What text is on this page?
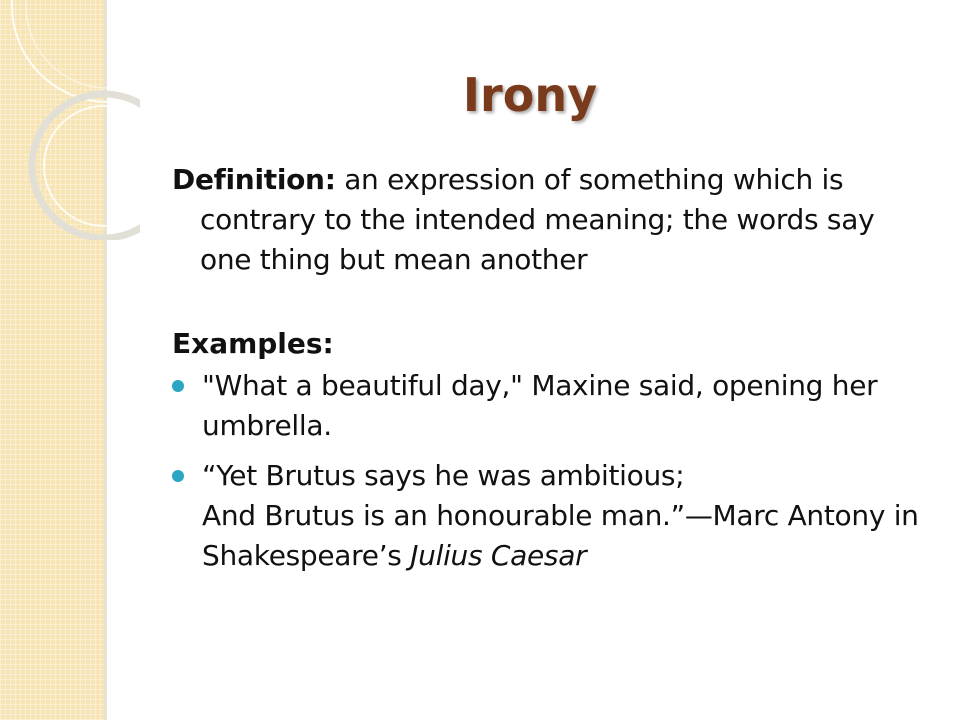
Irony

Definition: an expression of something which is contrary to the intended meaning; the words say one thing but mean another

Examples:
"What a beautiful day," Maxine said, opening her umbrella.
“Yet Brutus says he was ambitious;
And Brutus is an honourable man.”—Marc Antony in Shakespeare’s Julius Caesar
